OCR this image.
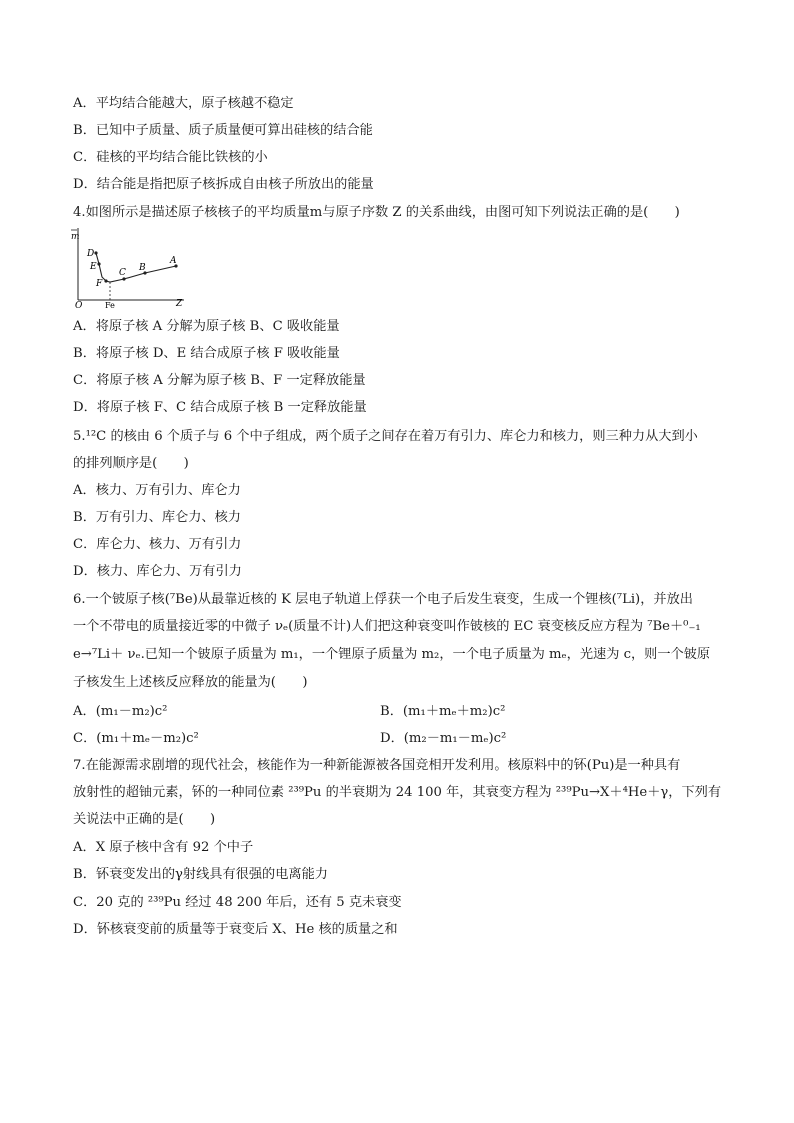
A．平均结合能越大，原子核越不稳定
B．已知中子质量、质子质量便可算出硅核的结合能
C．硅核的平均结合能比铁核的小
D．结合能是指把原子核拆成自由核子所放出的能量
4.如图所示是描述原子核核子的平均质量m与原子序数 Z 的关系曲线，由图可知下列说法正确的是(　　)
m
Z
O	Fe
D
E
F
C B
A
A．将原子核 A 分解为原子核 B、C 吸收能量
B．将原子核 D、E 结合成原子核 F 吸收能量
C．将原子核 A 分解为原子核 B、F 一定释放能量
D．将原子核 F、C 结合成原子核 B 一定释放能量
5.¹²C 的核由 6 个质子与 6 个中子组成，两个质子之间存在着万有引力、库仑力和核力，则三种力从大到小
的排列顺序是(　　)
A．核力、万有引力、库仑力
B．万有引力、库仑力、核力
C．库仑力、核力、万有引力
D．核力、库仑力、万有引力
6.一个铍原子核(⁷Be)从最靠近核的 K 层电子轨道上俘获一个电子后发生衰变，生成一个锂核(⁷Li)，并放出
一个不带电的质量接近零的中微子 νₑ(质量不计)人们把这种衰变叫作铍核的 EC 衰变核反应方程为 ⁷Be＋⁰₋₁
e→⁷Li＋ νₑ.已知一个铍原子质量为 m₁，一个锂原子质量为 m₂，一个电子质量为 mₑ，光速为 c，则一个铍原
子核发生上述核反应释放的能量为(　　)
A．(m₁－m₂)c²	B．(m₁＋mₑ＋m₂)c²
C．(m₁＋mₑ－m₂)c²	D．(m₂－m₁－mₑ)c²
7.在能源需求剧增的现代社会，核能作为一种新能源被各国竞相开发利用。核原料中的钚(Pu)是一种具有
放射性的超铀元素，钚的一种同位素 ²³⁹Pu 的半衰期为 24 100 年，其衰变方程为 ²³⁹Pu→X＋⁴He＋γ，下列有
关说法中正确的是(　　)
A．X 原子核中含有 92 个中子
B．钚衰变发出的γ射线具有很强的电离能力
C．20 克的 ²³⁹Pu 经过 48 200 年后，还有 5 克未衰变
D．钚核衰变前的质量等于衰变后 X、He 核的质量之和
